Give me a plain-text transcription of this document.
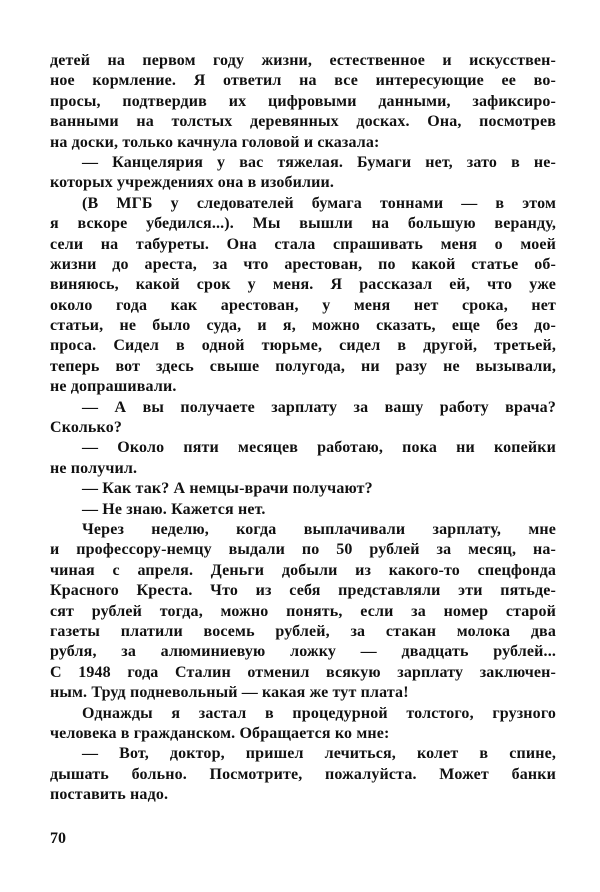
детей на первом году жизни, естественное и искусствен-
ное кормление. Я ответил на все интересующие ее во-
просы, подтвердив их цифровыми данными, зафиксиро-
ванными на толстых деревянных досках. Она, посмотрев
на доски, только качнула головой и сказала:
— Канцелярия у вас тяжелая. Бумаги нет, зато в не-
которых учреждениях она в изобилии.
(В МГБ у следователей бумага тоннами — в этом
я вскоре убедился...). Мы вышли на большую веранду,
сели на табуреты. Она стала спрашивать меня о моей
жизни до ареста, за что арестован, по какой статье об-
виняюсь, какой срок у меня. Я рассказал ей, что уже
около года как арестован, у меня нет срока, нет
статьи, не было суда, и я, можно сказать, еще без до-
проса. Сидел в одной тюрьме, сидел в другой, третьей,
теперь вот здесь свыше полугода, ни разу не вызывали,
не допрашивали.
— А вы получаете зарплату за вашу работу врача?
Сколько?
— Около пяти месяцев работаю, пока ни копейки
не получил.
— Как так? А немцы-врачи получают?
— Не знаю. Кажется нет.
Через неделю, когда выплачивали зарплату, мне
и профессору-немцу выдали по 50 рублей за месяц, на-
чиная с апреля. Деньги добыли из какого-то спецфонда
Красного Креста. Что из себя представляли эти пятьде-
сят рублей тогда, можно понять, если за номер старой
газеты платили восемь рублей, за стакан молока два
рубля, за алюминиевую ложку — двадцать рублей...
С 1948 года Сталин отменил всякую зарплату заключен-
ным. Труд подневольный — какая же тут плата!
Однажды я застал в процедурной толстого, грузного
человека в гражданском. Обращается ко мне:
— Вот, доктор, пришел лечиться, колет в спине,
дышать больно. Посмотрите, пожалуйста. Может банки
поставить надо.
70
